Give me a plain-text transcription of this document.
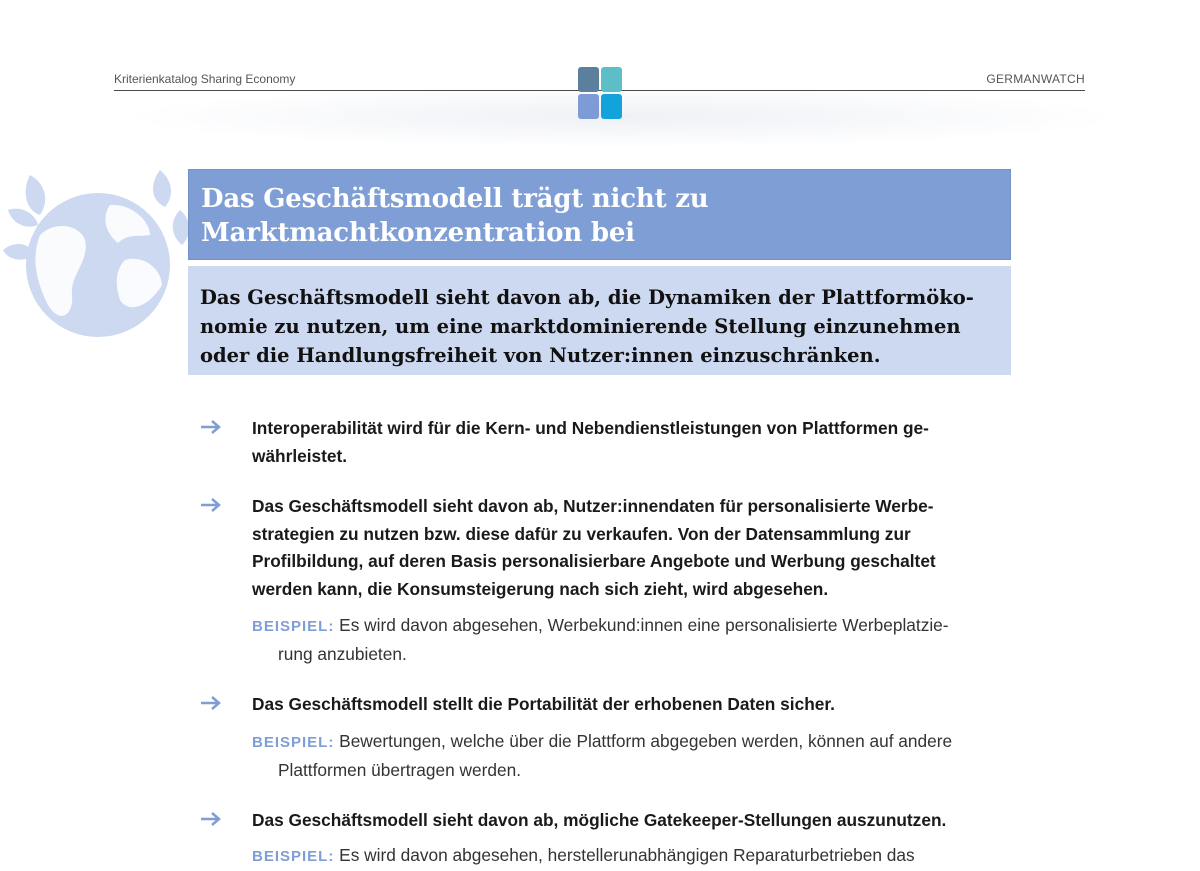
Kriterienkatalog Sharing Economy	GERMANWATCH
Das Geschäftsmodell trägt nicht zu
Marktmachtkonzentration bei

Das Geschäftsmodell sieht davon ab, die Dynamiken der Plattformöko-
nomie zu nutzen, um eine marktdominierende Stellung einzunehmen
oder die Handlungsfreiheit von Nutzer:innen einzuschränken.

Interoperabilität wird für die Kern- und Nebendienstleistungen von Plattformen ge-
währleistet.
Das Geschäftsmodell sieht davon ab, Nutzer:innendaten für personalisierte Werbe-
strategien zu nutzen bzw. diese dafür zu verkaufen. Von der Datensammlung zur
Profilbildung, auf deren Basis personalisierbare Angebote und Werbung geschaltet
werden kann, die Konsumsteigerung nach sich zieht, wird abgesehen.
BEISPIEL: Es wird davon abgesehen, Werbekund:innen eine personalisierte Werbeplatzie-
rung anzubieten.
Das Geschäftsmodell stellt die Portabilität der erhobenen Daten sicher.
BEISPIEL: Bewertungen, welche über die Plattform abgegeben werden, können auf andere
Plattformen übertragen werden.
Das Geschäftsmodell sieht davon ab, mögliche Gatekeeper-Stellungen auszunutzen.
BEISPIEL: Es wird davon abgesehen, herstellerunabhängigen Reparaturbetrieben das
